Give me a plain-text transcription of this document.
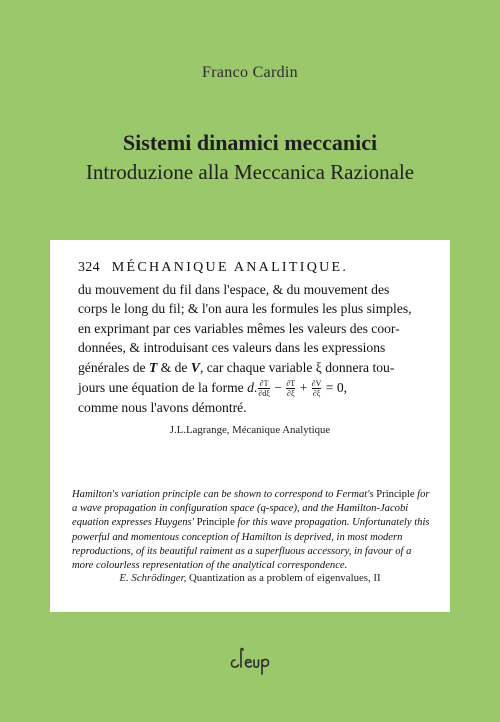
Franco Cardin
Sistemi dinamici meccanici
Introduzione alla Meccanica Razionale
324 MÉCHANIQUE ANALITIQUE.
du mouvement du fil dans l'espace, & du mouvement des
corps le long du fil; & l'on aura les formules les plus simples,
en exprimant par ces variables mêmes les valeurs des coor-
données, & introduisant ces valeurs dans les expressions
générales de T & de V, car chaque variable ξ donnera tou-
jours une équation de la forme d. $\frac{\partial T}{\partial d\xi} - \frac{\partial T}{\partial\xi} + \frac{\partial V}{\partial\xi} = 0$,
comme nous l'avons démontré.
J.L.Lagrange, Mécanique Analytique
Hamilton's variation principle can be shown to correspond to Fermat's Principle for a wave propagation in configuration space (q-space), and the Hamilton-Jacobi equation expresses Huygens' Principle for this wave propagation. Unfortunately this powerful and momentous conception of Hamilton is deprived, in most modern reproductions, of its beautiful raiment as a superfluous accessory, in favour of a more colourless representation of the analytical correspondence.
E. Schrödinger, Quantization as a problem of eigenvalues, II
